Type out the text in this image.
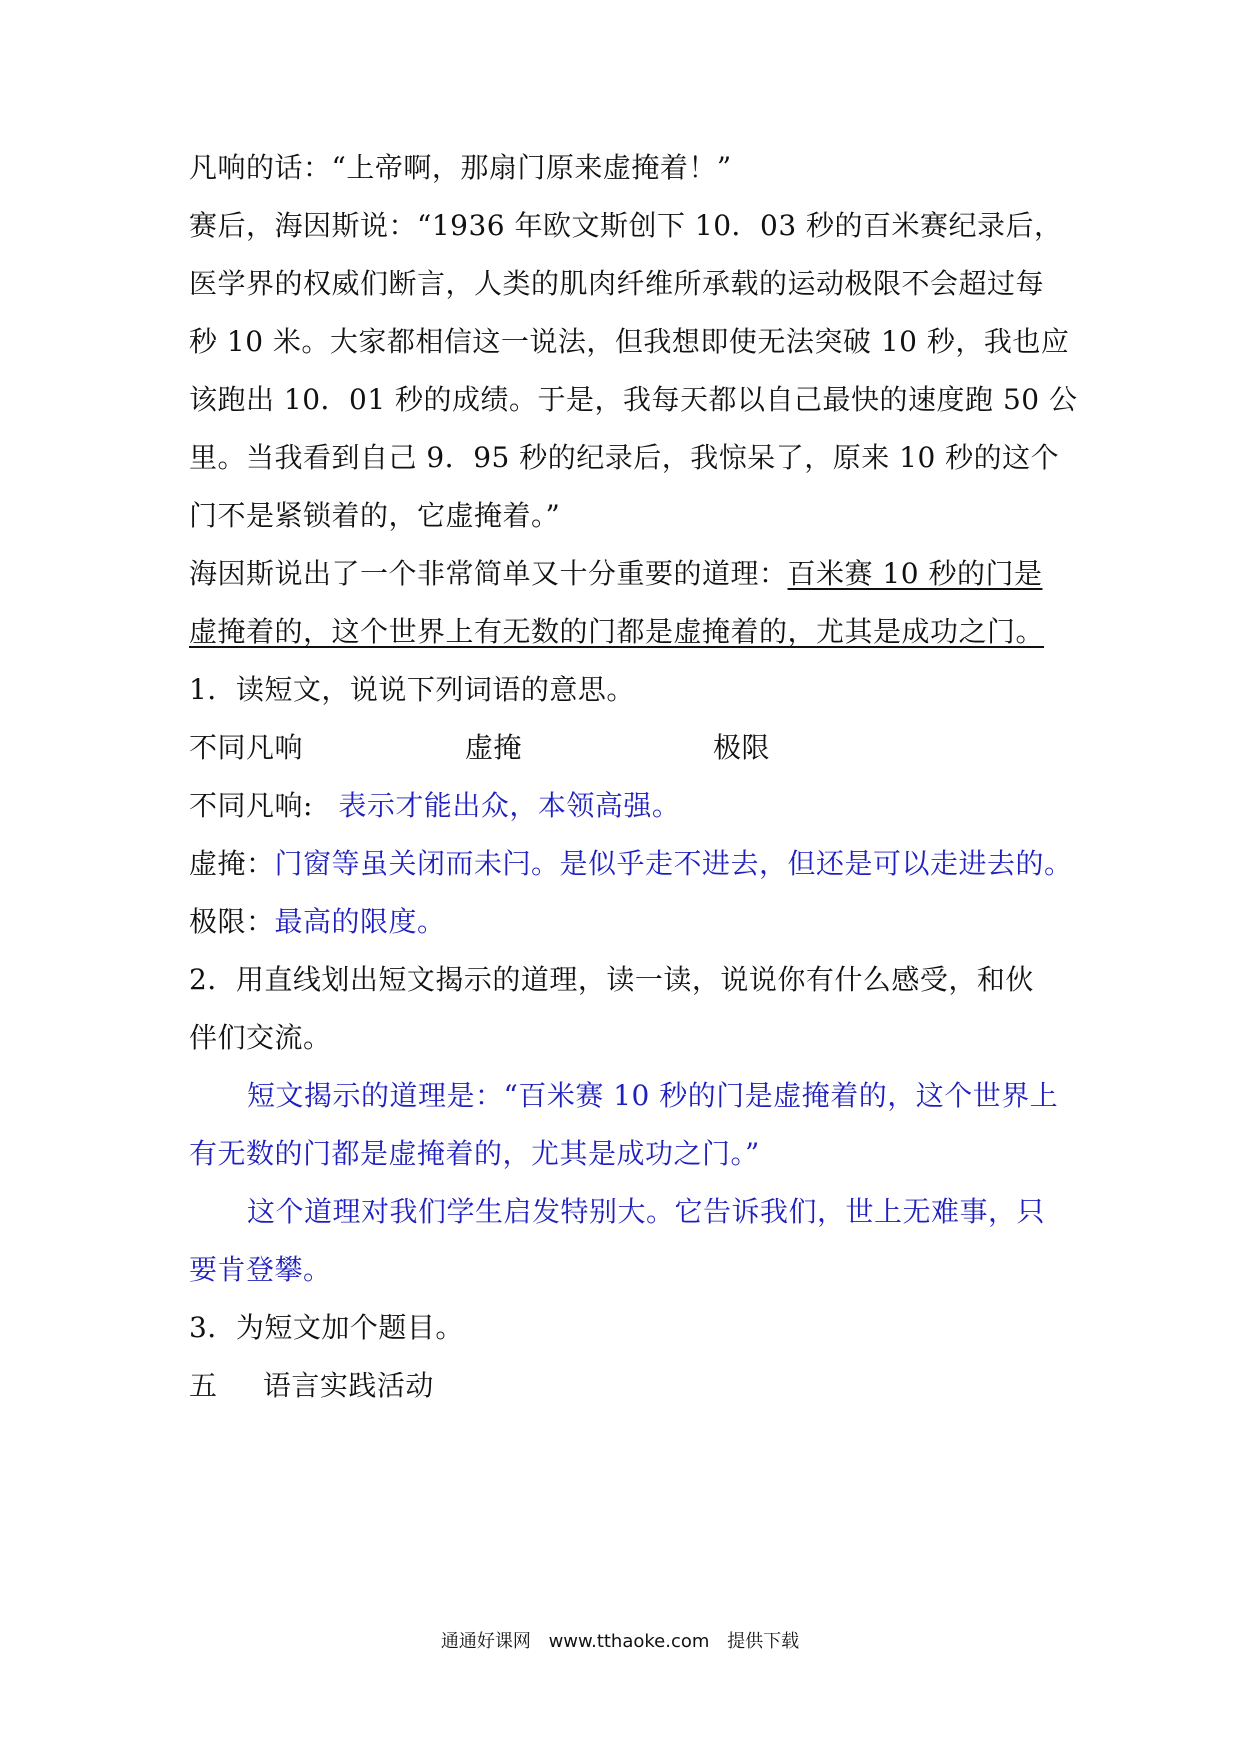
凡响的话：“上帝啊，那扇门原来虚掩着！”
赛后，海因斯说：“1936 年欧文斯创下 10．03 秒的百米赛纪录后，
医学界的权威们断言，人类的肌肉纤维所承载的运动极限不会超过每
秒 10 米。大家都相信这一说法，但我想即使无法突破 10 秒，我也应
该跑出 10．01 秒的成绩。于是，我每天都以自己最快的速度跑 50 公
里。当我看到自己 9．95 秒的纪录后，我惊呆了，原来 10 秒的这个
门不是紧锁着的，它虚掩着。”
海因斯说出了一个非常简单又十分重要的道理：百米赛 10 秒的门是
虚掩着的，这个世界上有无数的门都是虚掩着的，尤其是成功之门。
1．读短文，说说下列词语的意思。
不同凡响	虚掩	极限
不同凡响: 表示才能出众，本领高强。
虚掩：门窗等虽关闭而未闩。是似乎走不进去，但还是可以走进去的。
极限：最高的限度。
2．用直线划出短文揭示的道理，读一读，说说你有什么感受，和伙
伴们交流。
短文揭示的道理是：“百米赛 10 秒的门是虚掩着的，这个世界上
有无数的门都是虚掩着的，尤其是成功之门。”
这个道理对我们学生启发特别大。它告诉我们，世上无难事，只
要肯登攀。
3．为短文加个题目。
五 语言实践活动
通通好课网 www.tthaoke.com 提供下载
